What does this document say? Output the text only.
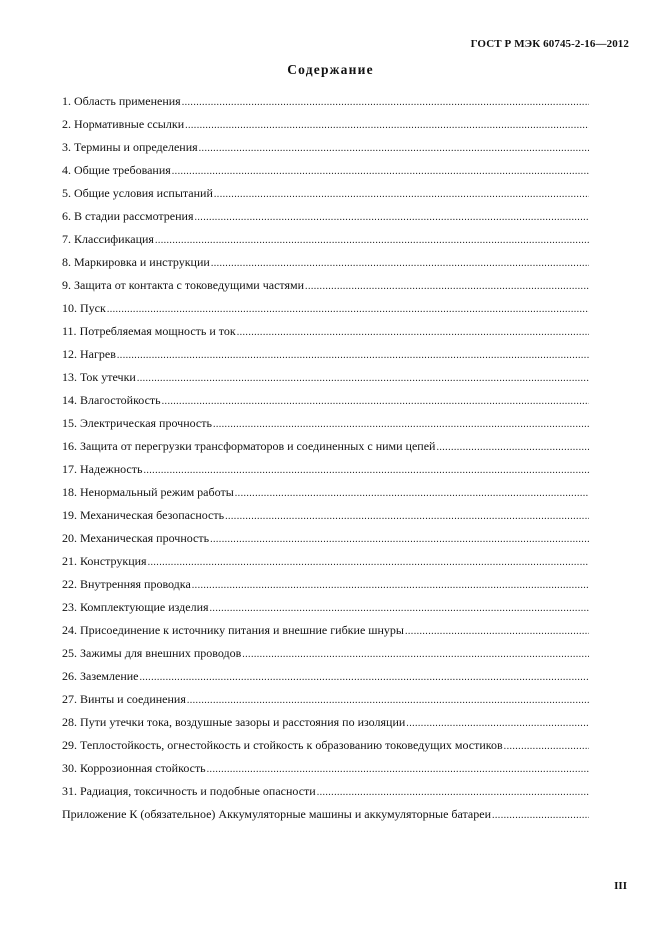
ГОСТ Р МЭК 60745-2-16—2012
Содержание
1. Область применения
.....
2. Нормативные ссылки
.....
3. Термины и определения
.....
4. Общие требования
.....
5. Общие условия испытаний
.....
6. В стадии рассмотрения
.....
7. Классификация
.....
8. Маркировка и инструкции
.....
9. Защита от контакта с токоведущими частями
.....
10. Пуск
.....
11. Потребляемая мощность и ток
.....
12. Нагрев
.....
13. Ток утечки
.....
14. Влагостойкость
.....
15. Электрическая прочность
.....
16. Защита от перегрузки трансформаторов и соединенных с ними цепей
.....
17. Надежность
.....
18. Ненормальный режим работы
.....
19. Механическая безопасность
.....
20. Механическая прочность
.....
21. Конструкция
.....
22. Внутренняя проводка
.....
23. Комплектующие изделия
.....
24. Присоединение к источнику питания и внешние гибкие шнуры
.....
25. Зажимы для внешних проводов
.....
26. Заземление
.....
27. Винты и соединения
.....
28. Пути утечки тока, воздушные зазоры и расстояния по изоляции
.....
29. Теплостойкость, огнестойкость и стойкость к образованию токоведущих мостиков
.....
30. Коррозионная стойкость
.....
31. Радиация, токсичность и подобные опасности
.....
Приложение К (обязательное) Аккумуляторные машины и аккумуляторные батареи
.....
III
